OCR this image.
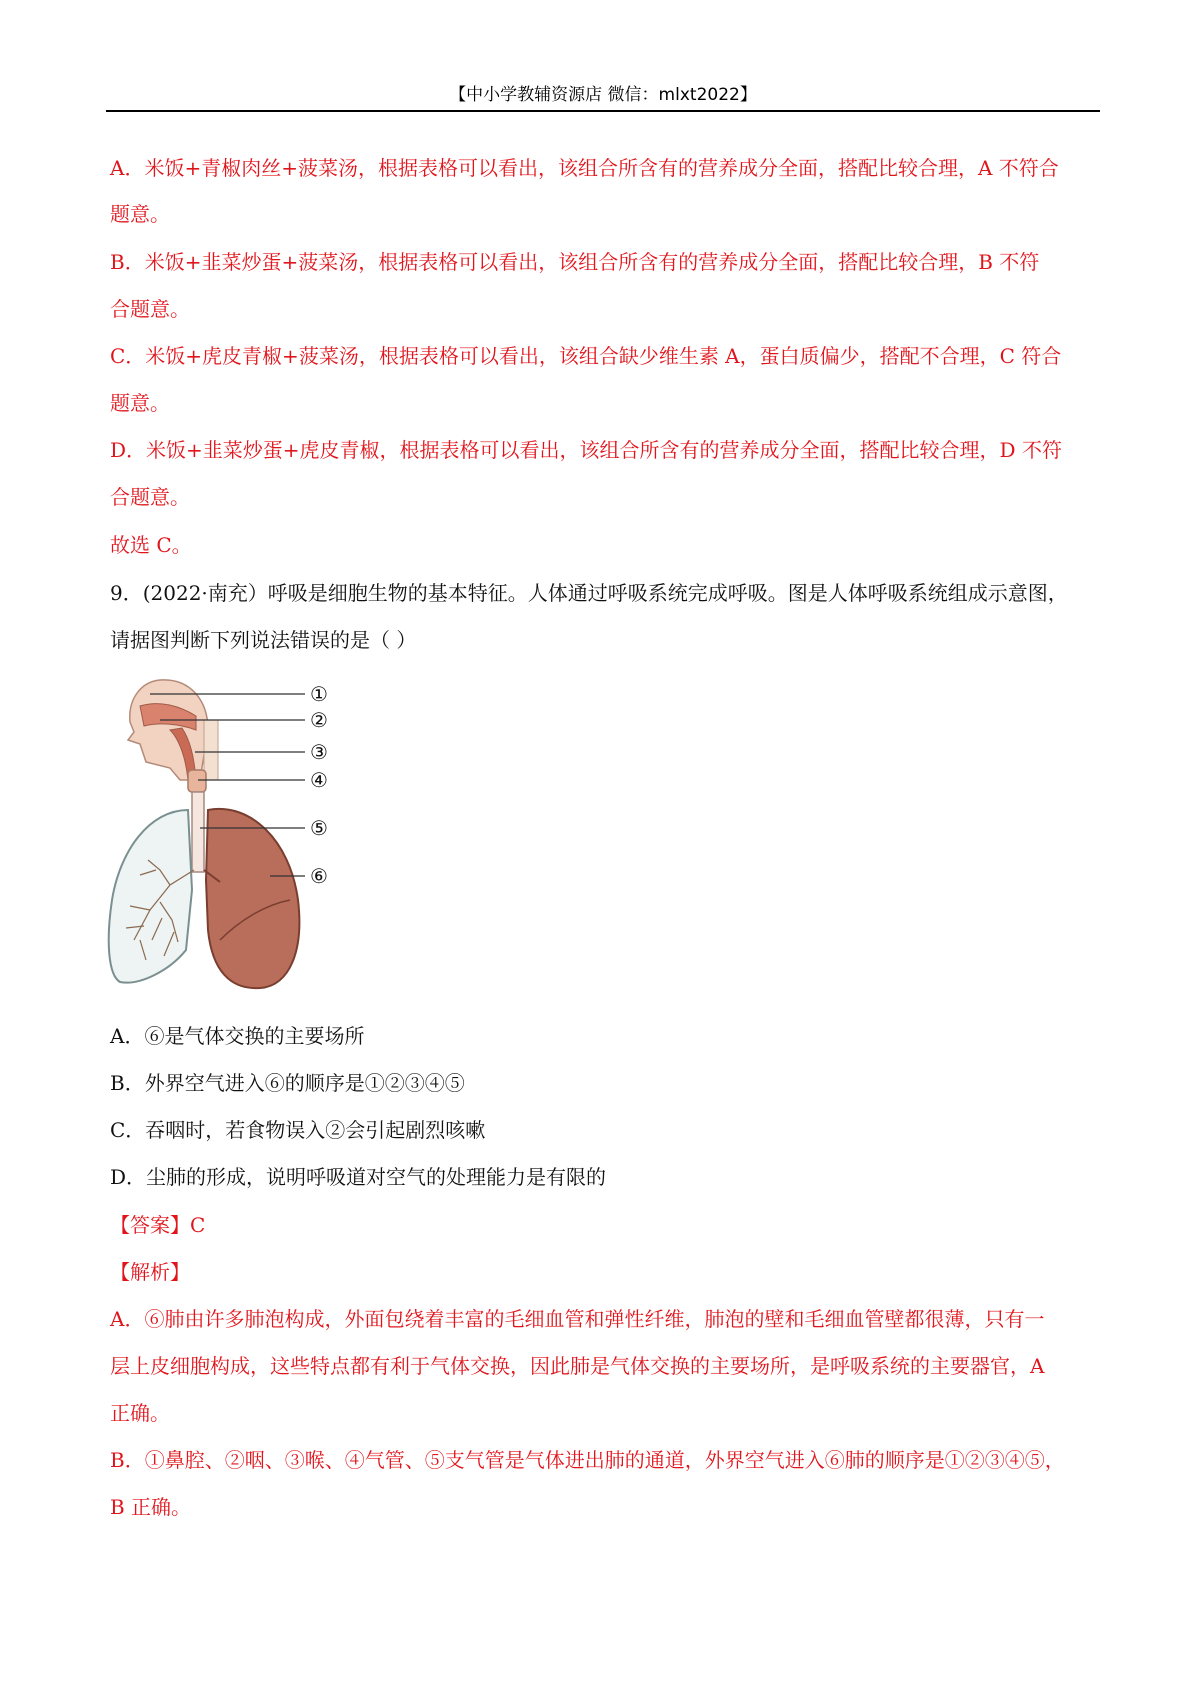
【中小学教辅资源店 微信：mlxt2022】
A．米饭+青椒肉丝+菠菜汤，根据表格可以看出，该组合所含有的营养成分全面，搭配比较合理，A 不符合
题意。
B．米饭+韭菜炒蛋+菠菜汤，根据表格可以看出，该组合所含有的营养成分全面，搭配比较合理，B 不符
合题意。
C．米饭+虎皮青椒+菠菜汤，根据表格可以看出，该组合缺少维生素 A，蛋白质偏少，搭配不合理，C 符合
题意。
D．米饭+韭菜炒蛋+虎皮青椒，根据表格可以看出，该组合所含有的营养成分全面，搭配比较合理，D 不符
合题意。
故选 C。
9．(2022·南充）呼吸是细胞生物的基本特征。人体通过呼吸系统完成呼吸。图是人体呼吸系统组成示意图，
请据图判断下列说法错误的是（ ）
①
②
③
④
⑤
⑥
A．⑥是气体交换的主要场所
B．外界空气进入⑥的顺序是①②③④⑤
C．吞咽时，若食物误入②会引起剧烈咳嗽
D．尘肺的形成，说明呼吸道对空气的处理能力是有限的
【答案】C
【解析】
A．⑥肺由许多肺泡构成，外面包绕着丰富的毛细血管和弹性纤维，肺泡的壁和毛细血管壁都很薄，只有一
层上皮细胞构成，这些特点都有利于气体交换，因此肺是气体交换的主要场所，是呼吸系统的主要器官，A
正确。
B．①鼻腔、②咽、③喉、④气管、⑤支气管是气体进出肺的通道，外界空气进入⑥肺的顺序是①②③④⑤，
B 正确。
